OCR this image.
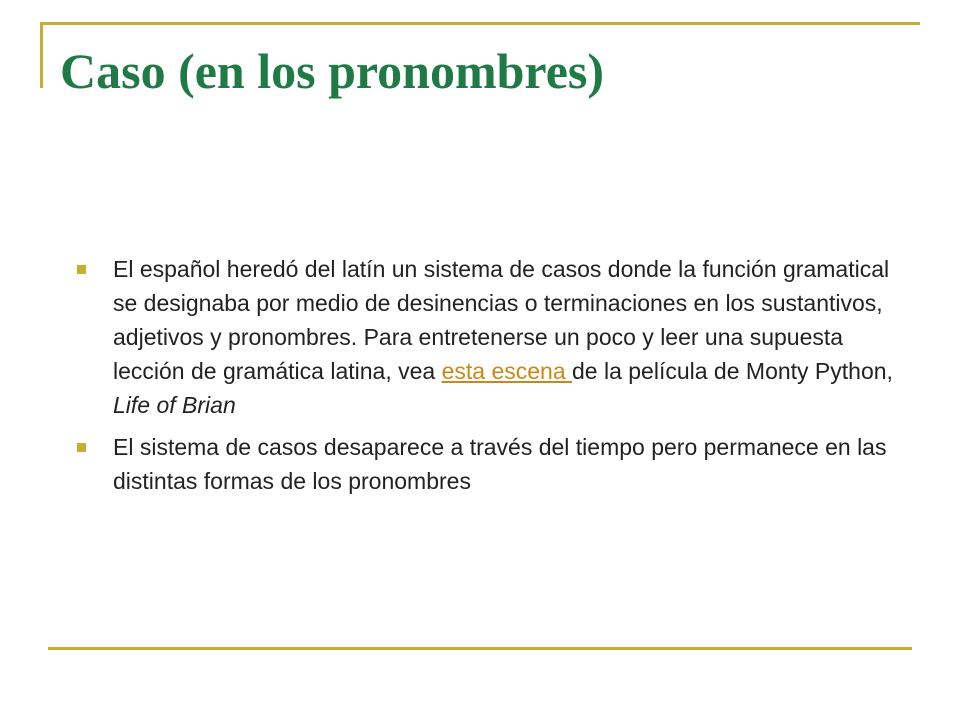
Caso (en los pronombres)
El español heredó del latín un sistema de casos donde la función gramatical se designaba por medio de desinencias o terminaciones en los sustantivos, adjetivos y pronombres. Para entretenerse un poco y leer una supuesta lección de gramática latina, vea esta escena de la película de Monty Python, Life of Brian
El sistema de casos desaparece a través del tiempo pero permanece en las distintas formas de los pronombres
